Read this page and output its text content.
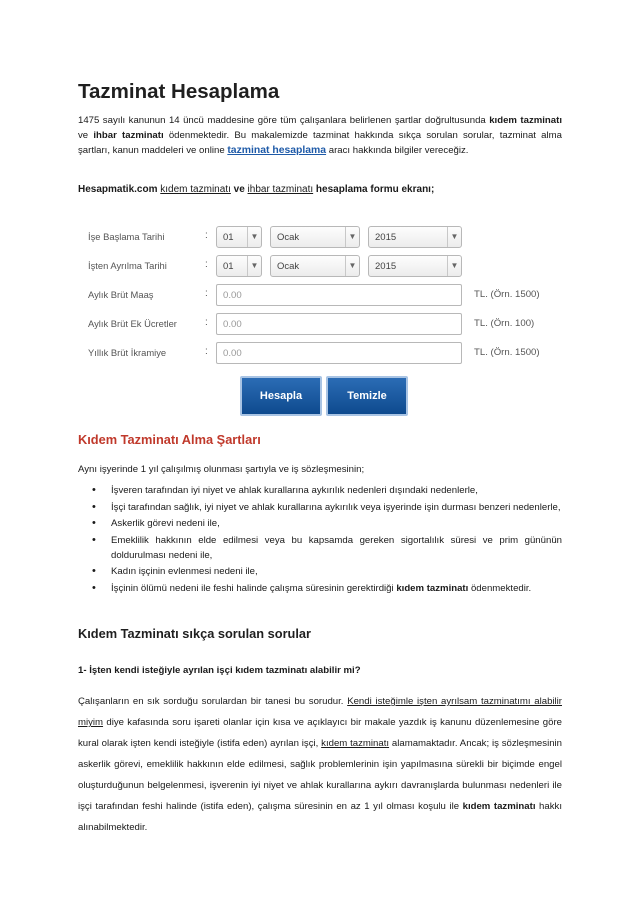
Tazminat Hesaplama

1475 sayılı kanunun 14 üncü maddesine göre tüm çalışanlara belirlenen şartlar doğrultusunda kıdem tazminatı ve ihbar tazminatı ödenmektedir. Bu makalemizde tazminat hakkında sıkça sorulan sorular, tazminat alma şartları, kanun maddeleri ve online tazminat hesaplama aracı hakkında bilgiler vereceğiz.

Hesapmatik.com kıdem tazminatı ve ihbar tazminatı hesaplama formu ekranı;
İşe Başlama Tarihi	:	01	▼	Ocak	▼	2015	▼
İşten Ayrılma Tarihi	:	01	▼	Ocak	▼	2015	▼
Aylık Brüt Maaş	:	0.00	TL. (Örn. 1500)
Aylık Brüt Ek Ücretler	:	0.00	TL. (Örn. 100)
Yıllık Brüt İkramiye	:	0.00	TL. (Örn. 1500)
Hesapla	Temizle
Kıdem Tazminatı Alma Şartları

Aynı işyerinde 1 yıl çalışılmış olunması şartıyla ve iş sözleşmesinin;

• İşveren tarafından iyi niyet ve ahlak kurallarına aykırılık nedenleri dışındaki nedenlerle,
• İşçi tarafından sağlık, iyi niyet ve ahlak kurallarına aykırılık veya işyerinde işin durması benzeri nedenlerle,
• Askerlik görevi nedeni ile,
• Emeklilik hakkının elde edilmesi veya bu kapsamda gereken sigortalılık süresi ve prim gününün doldurulması nedeni ile,
• Kadın işçinin evlenmesi nedeni ile,
• İşçinin ölümü nedeni ile feshi halinde çalışma süresinin gerektirdiği kıdem tazminatı ödenmektedir.
Kıdem Tazminatı sıkça sorulan sorular
1- İşten kendi isteğiyle ayrılan işçi kıdem tazminatı alabilir mi?

Çalışanların en sık sorduğu sorulardan bir tanesi bu sorudur. Kendi isteğimle işten ayrılsam tazminatımı alabilir miyim diye kafasında soru işareti olanlar için kısa ve açıklayıcı bir makale yazdık iş kanunu düzenlemesine göre kural olarak işten kendi isteğiyle (istifa eden) ayrılan işçi, kıdem tazminatı alamamaktadır. Ancak; iş sözleşmesinin askerlik görevi, emeklilik hakkının elde edilmesi, sağlık problemlerinin işin yapılmasına sürekli bir biçimde engel oluşturduğunun belgelenmesi, işverenin iyi niyet ve ahlak kurallarına aykırı davranışlarda bulunması nedenleri ile işçi tarafından feshi halinde (istifa eden), çalışma süresinin en az 1 yıl olması koşulu ile kıdem tazminatı hakkı alınabilmektedir.
